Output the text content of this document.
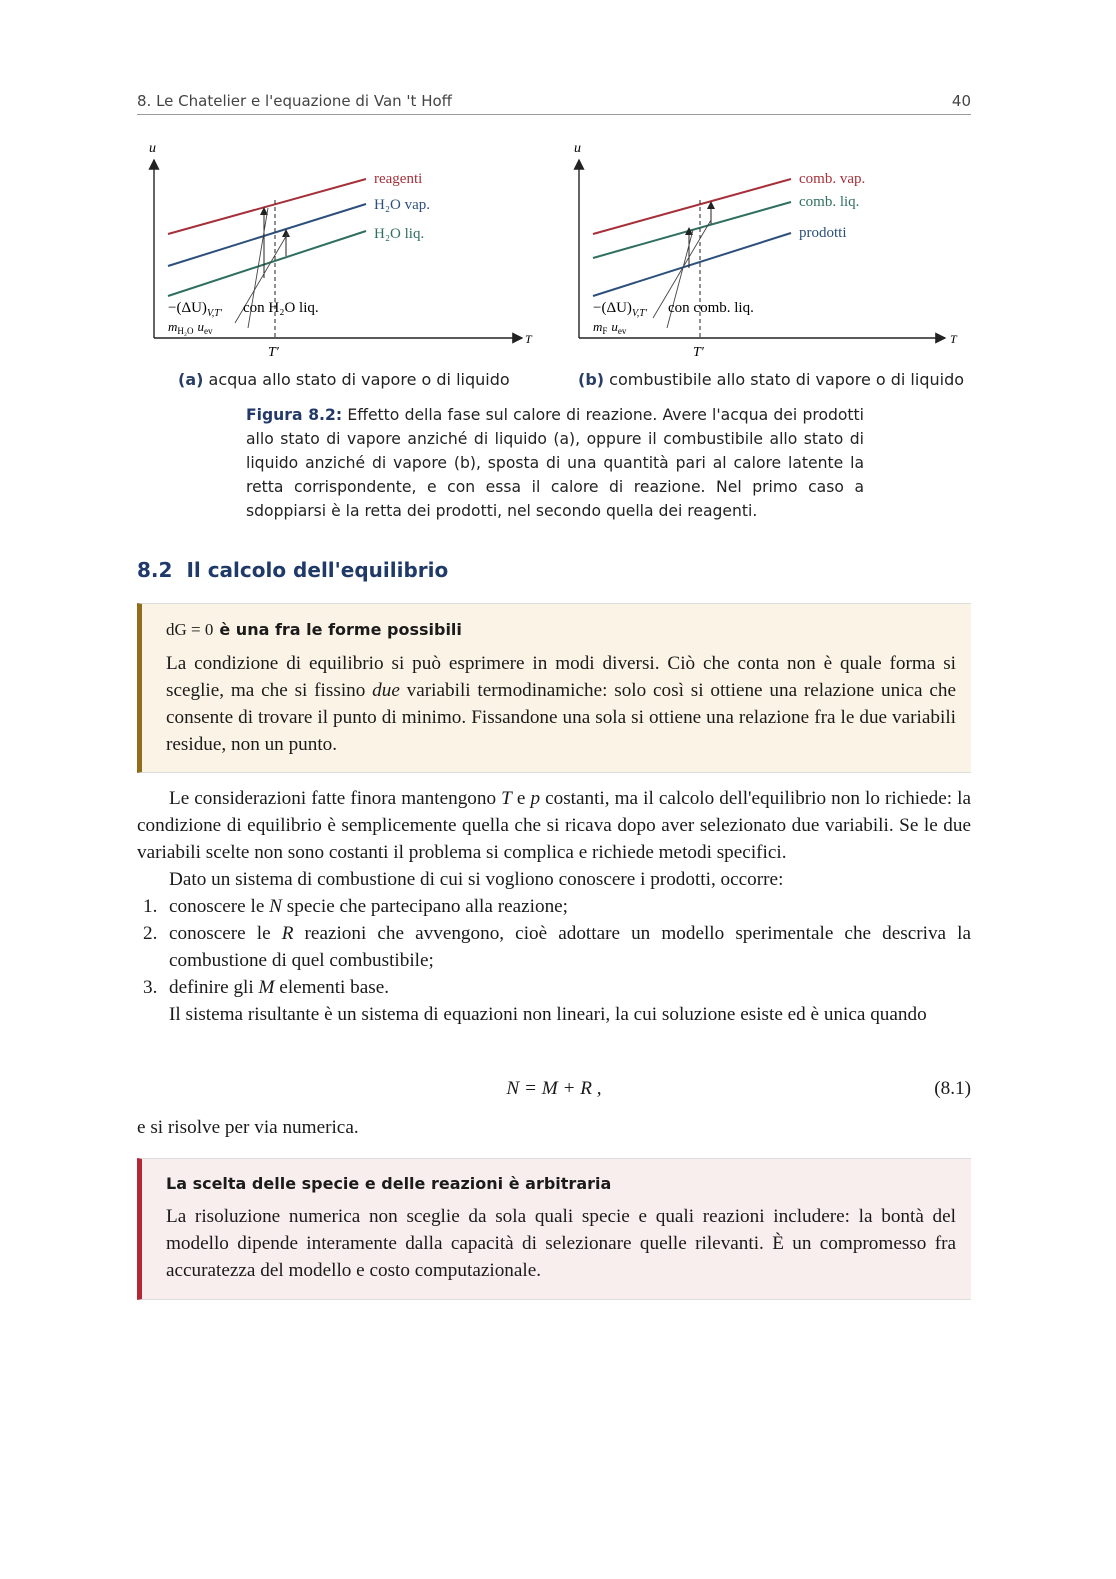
8. Le Chatelier e l'equazione di Van 't Hoff	40
u
T
reagenti
H₂O vap.
H₂O liq.
$-(\Delta U)_{V,T'}$ con H₂O liq.
$m_{H_2O}$ $u_{ev}$
T′
(a) acqua allo stato di vapore o di liquido
u
T
comb. vap.
comb. liq.
prodotti
$-(\Delta U)_{V,T'}$ con comb. liq.
$m_F$ $u_{ev}$
T′
(b) combustibile allo stato di vapore o di liquido
Figura 8.2: Effetto della fase sul calore di reazione. Avere l'acqua dei prodotti allo stato di vapore anziché di liquido (a), oppure il combustibile allo stato di liquido anziché di vapore (b), sposta di una quantità pari al calore latente la retta corrispondente, e con essa il calore di reazione. Nel primo caso a sdoppiarsi è la retta dei prodotti, nel secondo quella dei reagenti.
8.2 Il calcolo dell'equilibrio
dG = 0 è una fra le forme possibili
La condizione di equilibrio si può esprimere in modi diversi. Ciò che conta non è quale forma si sceglie, ma che si fissino due variabili termodinamiche: solo così si ottiene una relazione unica che consente di trovare il punto di minimo. Fissandone una sola si ottiene una relazione fra le due variabili residue, non un punto.

Le considerazioni fatte finora mantengono T e p costanti, ma il calcolo dell'equilibrio non lo richiede: la condizione di equilibrio è semplicemente quella che si ricava dopo aver selezionato due variabili. Se le due variabili scelte non sono costanti il problema si complica e richiede metodi specifici.

Dato un sistema di combustione di cui si vogliono conoscere i prodotti, occorre:

1. conoscere le N specie che partecipano alla reazione;
2. conoscere le R reazioni che avvengono, cioè adottare un modello sperimentale che descriva la combustione di quel combustibile;
3. definire gli M elementi base.

Il sistema risultante è un sistema di equazioni non lineari, la cui soluzione esiste ed è unica quando

N = M + R ,	(8.1)
e si risolve per via numerica.
La scelta delle specie e delle reazioni è arbitraria
La risoluzione numerica non sceglie da sola quali specie e quali reazioni includere: la bontà del modello dipende interamente dalla capacità di selezionare quelle rilevanti. È un compromesso fra accuratezza del modello e costo computazionale.
